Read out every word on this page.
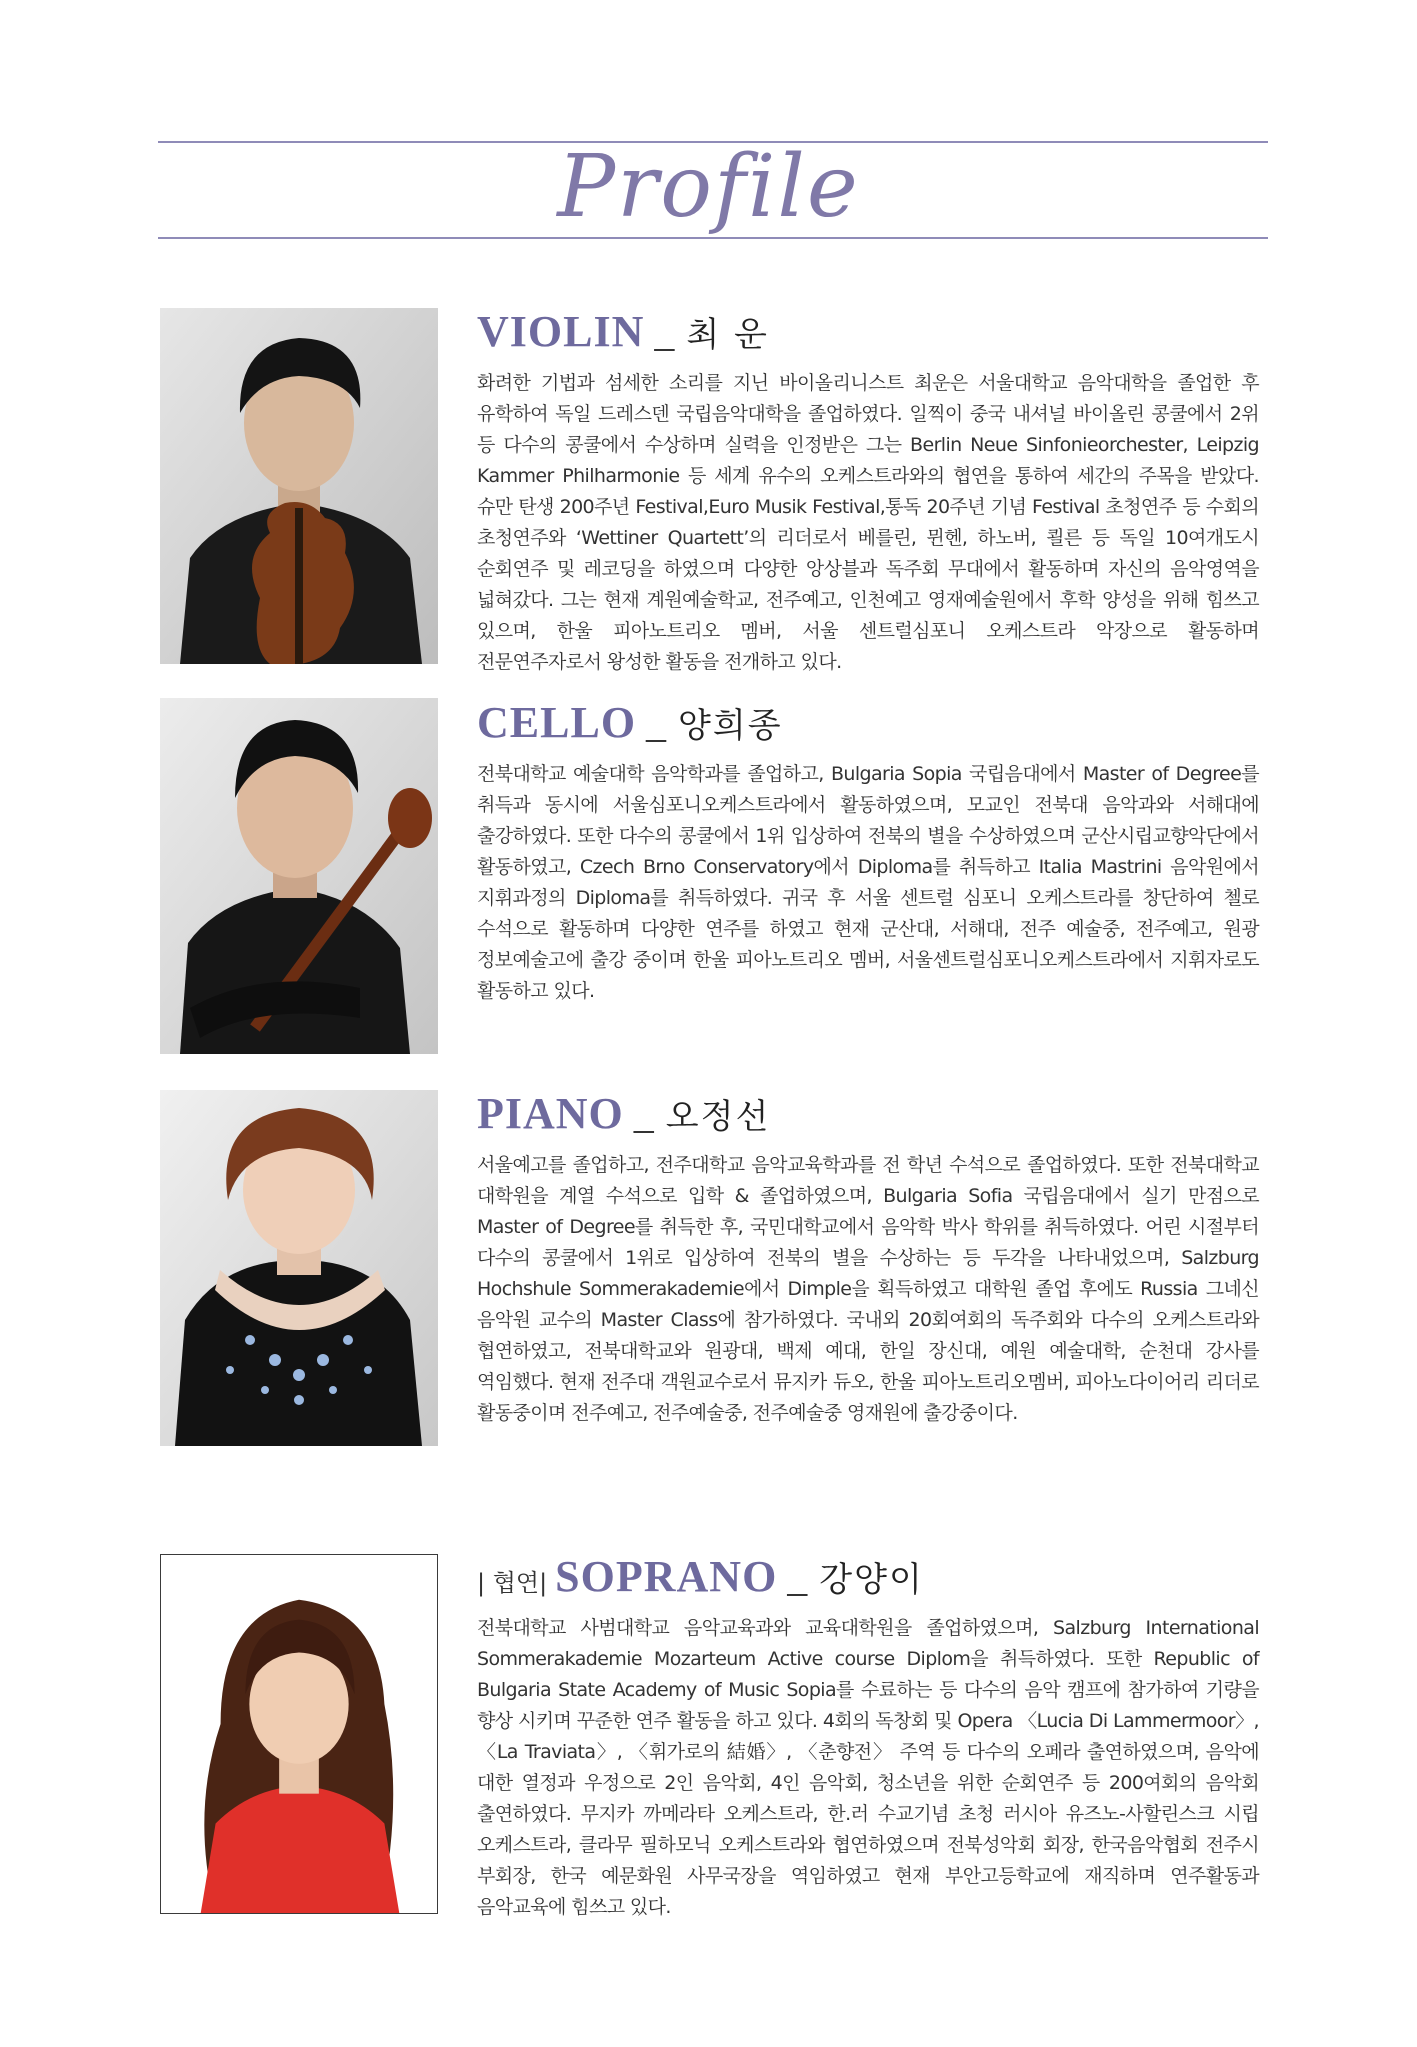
Profile
VIOLIN _ 최 운
화려한 기법과 섬세한 소리를 지닌 바이올리니스트 최운은 서울대학교 음악대학을 졸업한 후 유학하여 독일 드레스덴 국립음악대학을 졸업하였다. 일찍이 중국 내셔널 바이올린 콩쿨에서 2위 등 다수의 콩쿨에서 수상하며 실력을 인정받은 그는 Berlin Neue Sinfonieorchester, Leipzig Kammer Philharmonie 등 세계 유수의 오케스트라와의 협연을 통하여 세간의 주목을 받았다. 슈만 탄생 200주년 Festival,Euro Musik Festival,통독 20주년 기념 Festival 초청연주 등 수회의 초청연주와 ‘Wettiner Quartett’의 리더로서 베를린, 뮌헨, 하노버, 쾰른 등 독일 10여개도시 순회연주 및 레코딩을 하였으며 다양한 앙상블과 독주회 무대에서 활동하며 자신의 음악영역을 넓혀갔다. 그는 현재 계원예술학교, 전주예고, 인천예고 영재예술원에서 후학 양성을 위해 힘쓰고 있으며, 한울 피아노트리오 멤버, 서울 센트럴심포니 오케스트라 악장으로 활동하며 전문연주자로서 왕성한 활동을 전개하고 있다.
CELLO _ 양희종
전북대학교 예술대학 음악학과를 졸업하고, Bulgaria Sopia 국립음대에서 Master of Degree를 취득과 동시에 서울심포니오케스트라에서 활동하였으며, 모교인 전북대 음악과와 서해대에 출강하였다. 또한 다수의 콩쿨에서 1위 입상하여 전북의 별을 수상하였으며 군산시립교향악단에서 활동하였고, Czech Brno Conservatory에서 Diploma를 취득하고 Italia Mastrini 음악원에서 지휘과정의 Diploma를 취득하였다. 귀국 후 서울 센트럴 심포니 오케스트라를 창단하여 첼로 수석으로 활동하며 다양한 연주를 하였고 현재 군산대, 서해대, 전주 예술중, 전주예고, 원광 정보예술고에 출강 중이며 한울 피아노트리오 멤버, 서울센트럴심포니오케스트라에서 지휘자로도 활동하고 있다.
PIANO _ 오정선
서울예고를 졸업하고, 전주대학교 음악교육학과를 전 학년 수석으로 졸업하였다. 또한 전북대학교 대학원을 계열 수석으로 입학 & 졸업하였으며, Bulgaria Sofia 국립음대에서 실기 만점으로 Master of Degree를 취득한 후, 국민대학교에서 음악학 박사 학위를 취득하였다. 어린 시절부터 다수의 콩쿨에서 1위로 입상하여 전북의 별을 수상하는 등 두각을 나타내었으며, Salzburg Hochshule Sommerakademie에서 Dimple을 획득하였고 대학원 졸업 후에도 Russia 그네신 음악원 교수의 Master Class에 참가하였다. 국내외 20회여회의 독주회와 다수의 오케스트라와 협연하였고, 전북대학교와 원광대, 백제 예대, 한일 장신대, 예원 예술대학, 순천대 강사를 역임했다. 현재 전주대 객원교수로서 뮤지카 듀오, 한울 피아노트리오멤버, 피아노다이어리 리더로 활동중이며 전주예고, 전주예술중, 전주예술중 영재원에 출강중이다.
| 협연| SOPRANO _ 강양이
전북대학교 사범대학교 음악교육과와 교육대학원을 졸업하였으며, Salzburg International Sommerakademie Mozarteum Active course Diplom을 취득하였다. 또한 Republic of Bulgaria State Academy of Music Sopia를 수료하는 등 다수의 음악 캠프에 참가하여 기량을 향상 시키며 꾸준한 연주 활동을 하고 있다. 4회의 독창회 및 Opera 〈Lucia Di Lammermoor〉, 〈La Traviata〉, 〈휘가로의 結婚〉, 〈춘향전〉 주역 등 다수의 오페라 출연하였으며, 음악에 대한 열정과 우정으로 2인 음악회, 4인 음악회, 청소년을 위한 순회연주 등 200여회의 음악회 출연하였다. 무지카 까메라타 오케스트라, 한.러 수교기념 초청 러시아 유즈노-사할린스크 시립 오케스트라, 클라무 필하모닉 오케스트라와 협연하였으며 전북성악회 회장, 한국음악협회 전주시 부회장, 한국 예문화원 사무국장을 역임하였고 현재 부안고등학교에 재직하며 연주활동과 음악교육에 힘쓰고 있다.
